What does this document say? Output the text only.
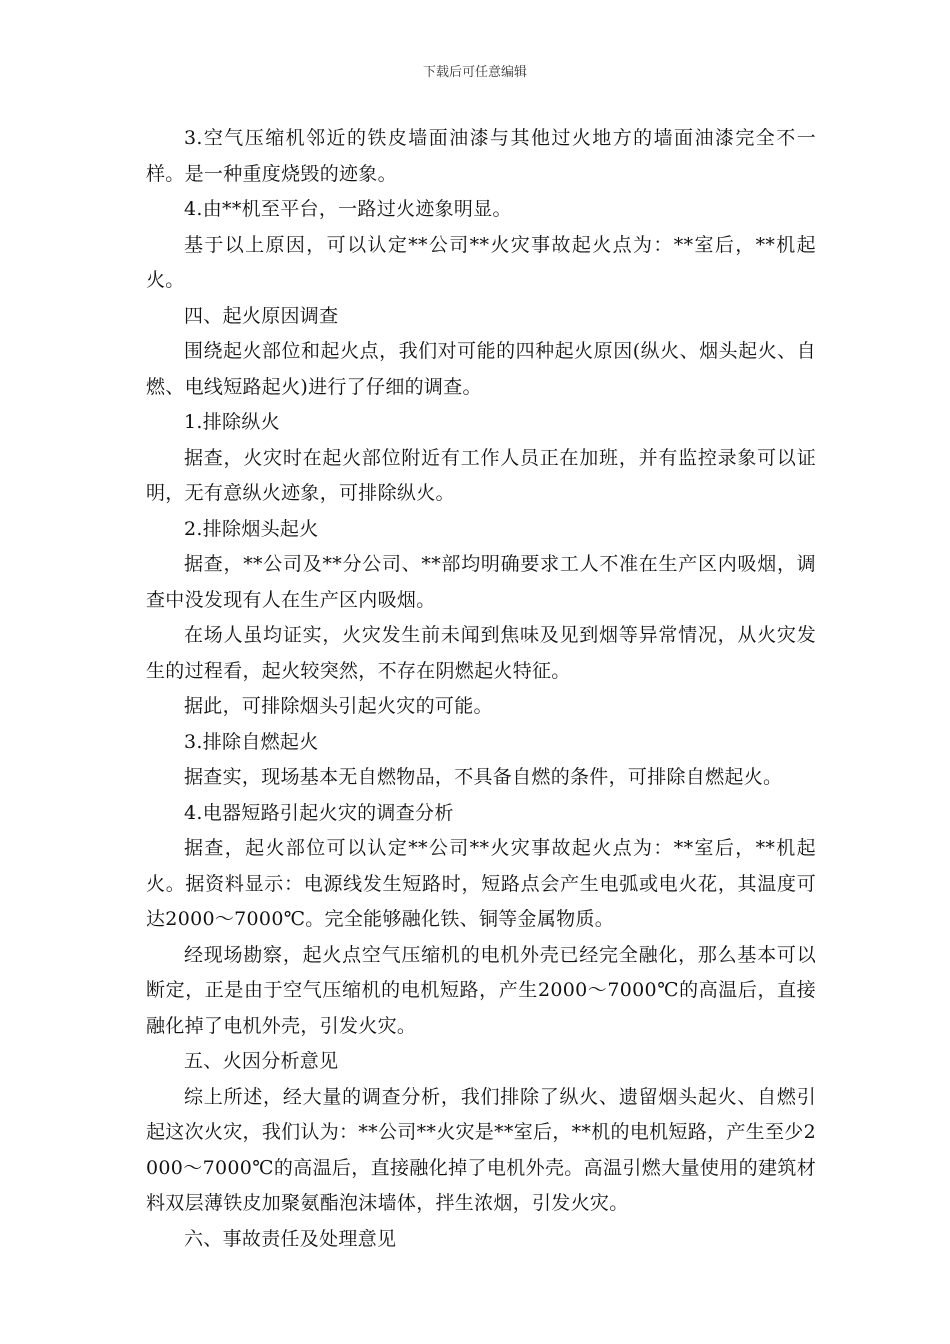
下载后可任意编辑

3.空气压缩机邻近的铁皮墙面油漆与其他过火地方的墙面油漆完全不一样。是一种重度烧毁的迹象。

4.由**机至平台，一路过火迹象明显。

基于以上原因，可以认定**公司**火灾事故起火点为：**室后，**机起火。

四、起火原因调查

围绕起火部位和起火点，我们对可能的四种起火原因(纵火、烟头起火、自燃、电线短路起火)进行了仔细的调查。

1.排除纵火

据查，火灾时在起火部位附近有工作人员正在加班，并有监控录象可以证明，无有意纵火迹象，可排除纵火。

2.排除烟头起火

据查，**公司及**分公司、**部均明确要求工人不准在生产区内吸烟，调查中没发现有人在生产区内吸烟。

在场人虽均证实，火灾发生前未闻到焦味及见到烟等异常情况，从火灾发生的过程看，起火较突然，不存在阴燃起火特征。

据此，可排除烟头引起火灾的可能。

3.排除自燃起火

据查实，现场基本无自燃物品，不具备自燃的条件，可排除自燃起火。

4.电器短路引起火灾的调查分析

据查，起火部位可以认定**公司**火灾事故起火点为：**室后，**机起火。据资料显示：电源线发生短路时，短路点会产生电弧或电火花，其温度可达2000～7000℃。完全能够融化铁、铜等金属物质。

经现场勘察，起火点空气压缩机的电机外壳已经完全融化，那么基本可以断定，正是由于空气压缩机的电机短路，产生2000～7000℃的高温后，直接融化掉了电机外壳，引发火灾。

五、火因分析意见

综上所述，经大量的调查分析，我们排除了纵火、遗留烟头起火、自燃引起这次火灾，我们认为：**公司**火灾是**室后，**机的电机短路，产生至少2000～7000℃的高温后，直接融化掉了电机外壳。高温引燃大量使用的建筑材料双层薄铁皮加聚氨酯泡沫墙体，拌生浓烟，引发火灾。

六、事故责任及处理意见
